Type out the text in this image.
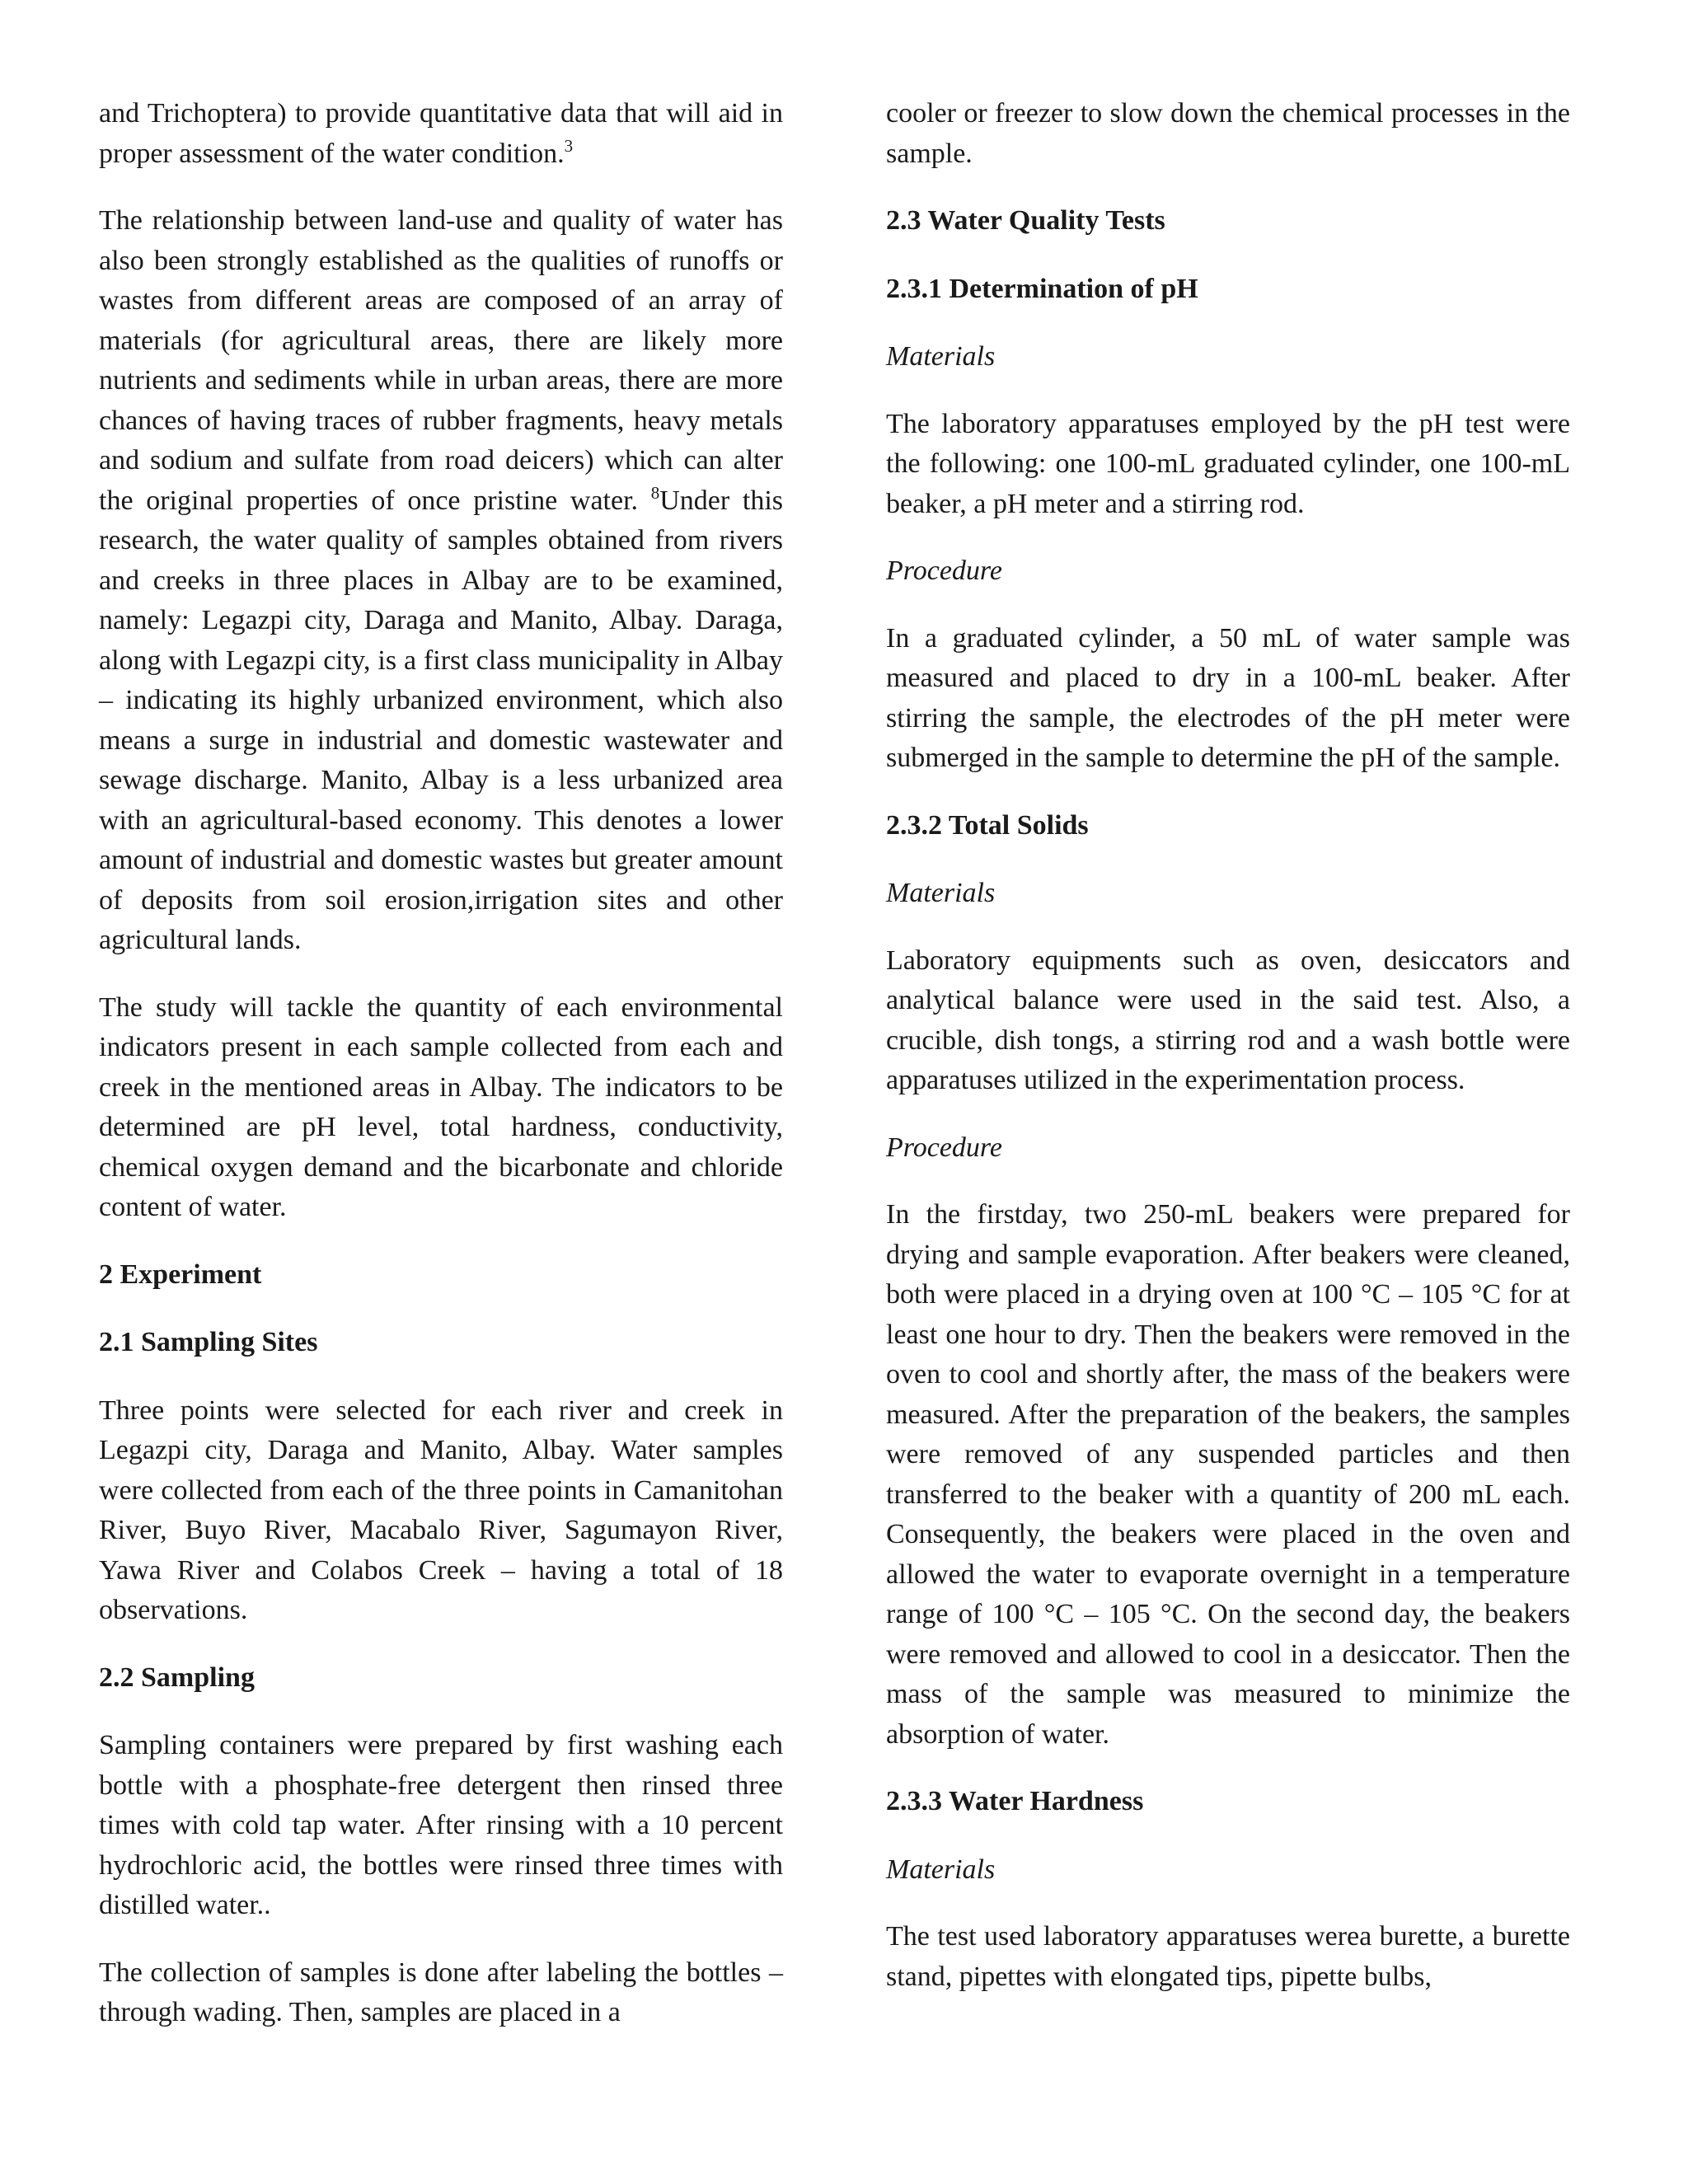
and Trichoptera) to provide quantitative data that will aid in proper assessment of the water condition.$^3$

The relationship between land-use and quality of water has also been strongly established as the qualities of runoffs or wastes from different areas are composed of an array of materials (for agricultural areas, there are likely more nutrients and sediments while in urban areas, there are more chances of having traces of rubber fragments, heavy metals and sodium and sulfate from road deicers) which can alter the original properties of once pristine water. $^8$Under this research, the water quality of samples obtained from rivers and creeks in three places in Albay are to be examined, namely: Legazpi city, Daraga and Manito, Albay. Daraga, along with Legazpi city, is a first class municipality in Albay – indicating its highly urbanized environment, which also means a surge in industrial and domestic wastewater and sewage discharge. Manito, Albay is a less urbanized area with an agricultural-based economy. This denotes a lower amount of industrial and domestic wastes but greater amount of deposits from soil erosion,irrigation sites and other agricultural lands.

The study will tackle the quantity of each environmental indicators present in each sample collected from each and creek in the mentioned areas in Albay. The indicators to be determined are pH level, total hardness, conductivity, chemical oxygen demand and the bicarbonate and chloride content of water.

2 Experiment
2.1 Sampling Sites

Three points were selected for each river and creek in Legazpi city, Daraga and Manito, Albay. Water samples were collected from each of the three points in Camanitohan River, Buyo River, Macabalo River, Sagumayon River, Yawa River and Colabos Creek – having a total of 18 observations.

2.2 Sampling

Sampling containers were prepared by first washing each bottle with a phosphate-free detergent then rinsed three times with cold tap water. After rinsing with a 10 percent hydrochloric acid, the bottles were rinsed three times with distilled water..

The collection of samples is done after labeling the bottles – through wading. Then, samples are placed in a

cooler or freezer to slow down the chemical processes in the sample.

2.3 Water Quality Tests
2.3.1 Determination of pH
Materials

The laboratory apparatuses employed by the pH test were the following: one 100-mL graduated cylinder, one 100-mL beaker, a pH meter and a stirring rod.

Procedure

In a graduated cylinder, a 50 mL of water sample was measured and placed to dry in a 100-mL beaker. After stirring the sample, the electrodes of the pH meter were submerged in the sample to determine the pH of the sample.

2.3.2 Total Solids
Materials

Laboratory equipments such as oven, desiccators and analytical balance were used in the said test. Also, a crucible, dish tongs, a stirring rod and a wash bottle were apparatuses utilized in the experimentation process.

Procedure

In the firstday, two 250-mL beakers were prepared for drying and sample evaporation. After beakers were cleaned, both were placed in a drying oven at 100 °C – 105 °C for at least one hour to dry. Then the beakers were removed in the oven to cool and shortly after, the mass of the beakers were measured. After the preparation of the beakers, the samples were removed of any suspended particles and then transferred to the beaker with a quantity of 200 mL each. Consequently, the beakers were placed in the oven and allowed the water to evaporate overnight in a temperature range of 100 °C – 105 °C. On the second day, the beakers were removed and allowed to cool in a desiccator. Then the mass of the sample was measured to minimize the absorption of water.

2.3.3 Water Hardness
Materials

The test used laboratory apparatuses werea burette, a burette stand, pipettes with elongated tips, pipette bulbs,
